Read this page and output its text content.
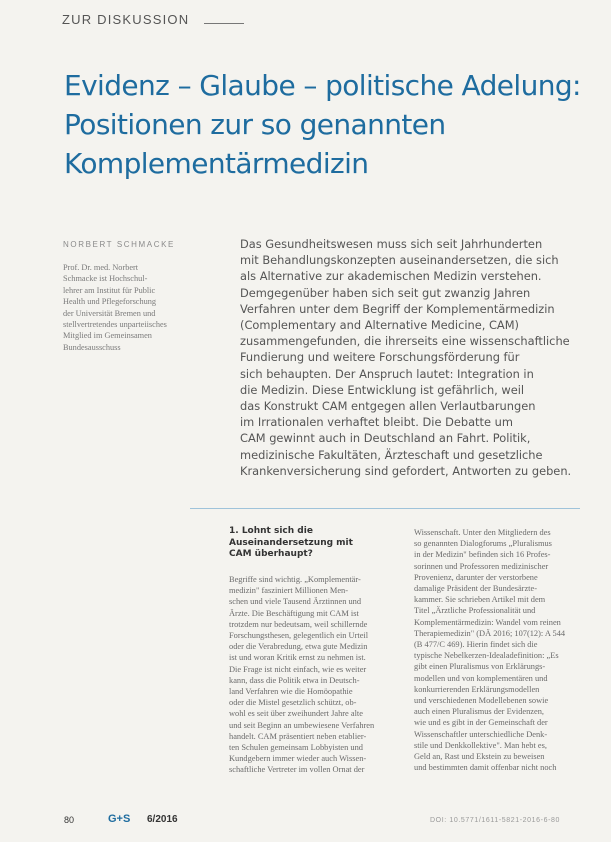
ZUR DISKUSSION
Evidenz – Glaube – politische Adelung:
Positionen zur so genannten
Komplementärmedizin
NORBERT SCHMACKE
Prof. Dr. med. Norbert
Schmacke ist Hochschul-
lehrer am Institut für Public
Health und Pflegeforschung
der Universität Bremen und
stellvertretendes unparteiisches
Mitglied im Gemeinsamen
Bundesausschuss
Das Gesundheitswesen muss sich seit Jahrhunderten
mit Behandlungskonzepten auseinandersetzen, die sich
als Alternative zur akademischen Medizin verstehen.
Demgegenüber haben sich seit gut zwanzig Jahren
Verfahren unter dem Begriff der Komplementärmedizin
(Complementary and Alternative Medicine, CAM)
zusammengefunden, die ihrerseits eine wissenschaftliche
Fundierung und weitere Forschungsförderung für
sich behaupten. Der Anspruch lautet: Integration in
die Medizin. Diese Entwicklung ist gefährlich, weil
das Konstrukt CAM entgegen allen Verlautbarungen
im Irrationalen verhaftet bleibt. Die Debatte um
CAM gewinnt auch in Deutschland an Fahrt. Politik,
medizinische Fakultäten, Ärzteschaft und gesetzliche
Krankenversicherung sind gefordert, Antworten zu geben.
1. Lohnt sich die
Auseinandersetzung mit
CAM überhaupt?
Begriffe sind wichtig. „Komplementär-
medizin" fasziniert Millionen Men-
schen und viele Tausend Ärztinnen und
Ärzte. Die Beschäftigung mit CAM ist
trotzdem nur bedeutsam, weil schillernde
Forschungsthesen, gelegentlich ein Urteil
oder die Verabredung, etwa gute Medizin
ist und woran Kritik ernst zu nehmen ist.
Die Frage ist nicht einfach, wie es weiter
kann, dass die Politik etwa in Deutsch-
land Verfahren wie die Homöopathie
oder die Mistel gesetzlich schützt, ob-
wohl es seit über zweihundert Jahre alte
und seit Beginn an umbewiesene Verfahren
handelt. CAM präsentiert neben etablier-
ten Schulen gemeinsam Lobbyisten und
Kundgebern immer wieder auch Wissen-
schaftliche Vertreter im vollen Ornat der
Wissenschaft. Unter den Mitgliedern des
so genannten Dialogforums „Pluralismus
in der Medizin" befinden sich 16 Profes-
sorinnen und Professoren medizinischer
Provenienz, darunter der verstorbene
damalige Präsident der Bundesärzte-
kammer. Sie schrieben Artikel mit dem
Titel „Ärztliche Professionalität und
Komplementärmedizin: Wandel vom reinen
Therapiemedizin" (DÄ 2016; 107(12): A 544
(B 477/C 469). Hierin findet sich die
typische Nebelkerzen-Idealadefinition: „Es
gibt einen Pluralismus von Erklärungs-
modellen und von komplementären und
konkurrierenden Erklärungsmodellen
und verschiedenen Modellebenen sowie
auch einen Pluralismus der Evidenzen,
wie und es gibt in der Gemeinschaft der
Wissenschaftler unterschiedliche Denk-
stile und Denkkollektive". Man hebt es,
Geld an, Rast und Ekstein zu beweisen
und bestimmten damit offenbar nicht noch
80	G+S 6/2016	DOI: 10.5771/1611-5821-2016-6-80
